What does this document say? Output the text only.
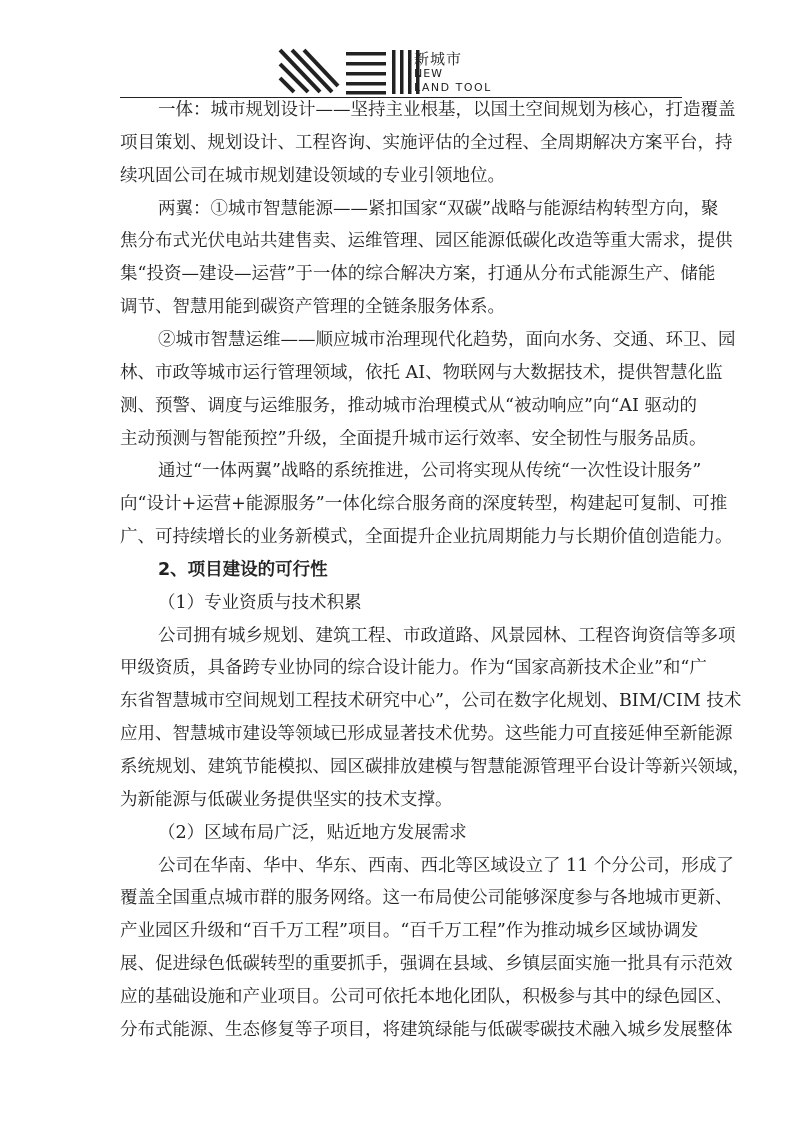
新城市
NEW
LAND TOOL
一体：城市规划设计——坚持主业根基，以国土空间规划为核心，打造覆盖
项目策划、规划设计、工程咨询、实施评估的全过程、全周期解决方案平台，持
续巩固公司在城市规划建设领域的专业引领地位。
两翼：①城市智慧能源——紧扣国家“双碳”战略与能源结构转型方向，聚
焦分布式光伏电站共建售卖、运维管理、园区能源低碳化改造等重大需求，提供
集“投资—建设—运营”于一体的综合解决方案，打通从分布式能源生产、储能
调节、智慧用能到碳资产管理的全链条服务体系。
②城市智慧运维——顺应城市治理现代化趋势，面向水务、交通、环卫、园
林、市政等城市运行管理领域，依托 AI、物联网与大数据技术，提供智慧化监
测、预警、调度与运维服务，推动城市治理模式从“被动响应”向“AI 驱动的
主动预测与智能预控”升级，全面提升城市运行效率、安全韧性与服务品质。
通过“一体两翼”战略的系统推进，公司将实现从传统“一次性设计服务”
向“设计+运营+能源服务”一体化综合服务商的深度转型，构建起可复制、可推
广、可持续增长的业务新模式，全面提升企业抗周期能力与长期价值创造能力。
2、项目建设的可行性
（1）专业资质与技术积累
公司拥有城乡规划、建筑工程、市政道路、风景园林、工程咨询资信等多项
甲级资质，具备跨专业协同的综合设计能力。作为“国家高新技术企业”和“广
东省智慧城市空间规划工程技术研究中心”，公司在数字化规划、BIM/CIM 技术
应用、智慧城市建设等领域已形成显著技术优势。这些能力可直接延伸至新能源
系统规划、建筑节能模拟、园区碳排放建模与智慧能源管理平台设计等新兴领域，
为新能源与低碳业务提供坚实的技术支撑。
（2）区域布局广泛，贴近地方发展需求
公司在华南、华中、华东、西南、西北等区域设立了 11 个分公司，形成了
覆盖全国重点城市群的服务网络。这一布局使公司能够深度参与各地城市更新、
产业园区升级和“百千万工程”项目。“百千万工程”作为推动城乡区域协调发
展、促进绿色低碳转型的重要抓手，强调在县域、乡镇层面实施一批具有示范效
应的基础设施和产业项目。公司可依托本地化团队，积极参与其中的绿色园区、
分布式能源、生态修复等子项目，将建筑绿能与低碳零碳技术融入城乡发展整体
